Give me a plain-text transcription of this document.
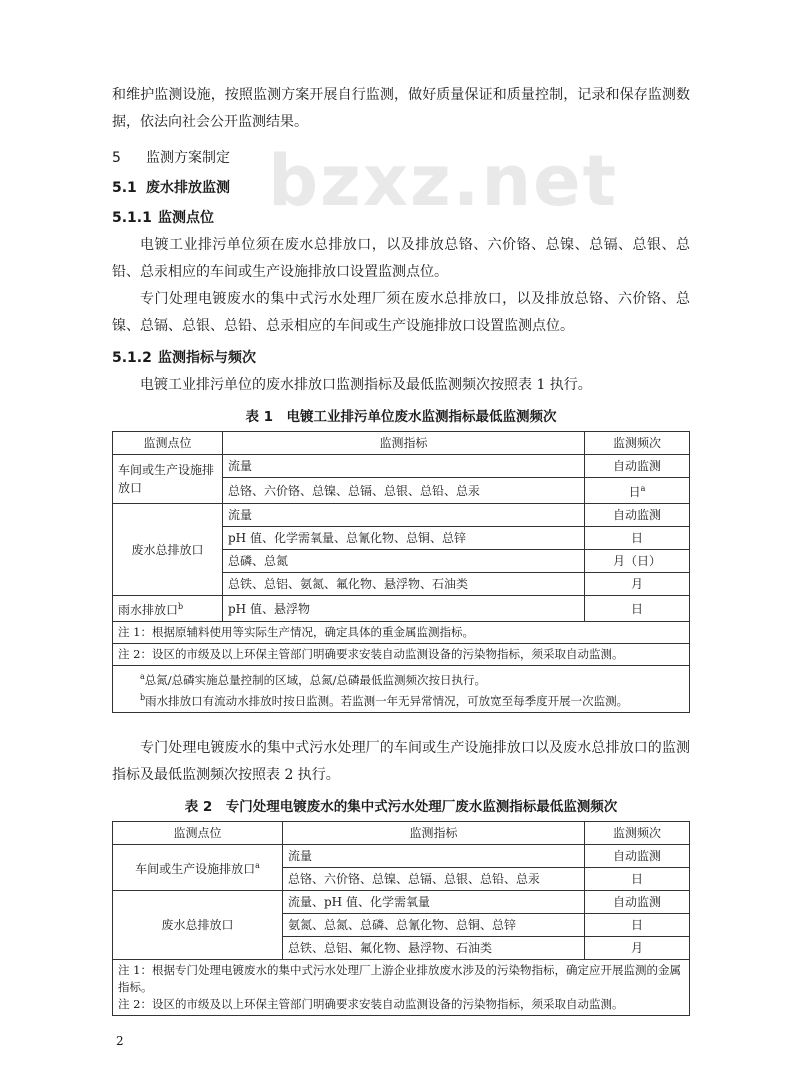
bzxz.net

和维护监测设施，按照监测方案开展自行监测，做好质量保证和质量控制，记录和保存监测数据，依法向社会公开监测结果。

5 监测方案制定
5.1 废水排放监测
5.1.1 监测点位

电镀工业排污单位须在废水总排放口，以及排放总铬、六价铬、总镍、总镉、总银、总铅、总汞相应的车间或生产设施排放口设置监测点位。

专门处理电镀废水的集中式污水处理厂须在废水总排放口，以及排放总铬、六价铬、总镍、总镉、总银、总铅、总汞相应的车间或生产设施排放口设置监测点位。

5.1.2 监测指标与频次

电镀工业排污单位的废水排放口监测指标及最低监测频次按照表 1 执行。

表 1　电镀工业排污单位废水监测指标最低监测频次
监测点位	监测指标	监测频次
车间或生产设施排放口	流量	自动监测
	总铬、六价铬、总镍、总镉、总银、总铅、总汞	日$^a$
废水总排放口	流量	自动监测
	pH 值、化学需氧量、总氰化物、总铜、总锌	日
	总磷、总氮	月（日）
	总铁、总铝、氨氮、氟化物、悬浮物、石油类	月
雨水排放口$^b$	pH 值、悬浮物	日
注 1：根据原辅料使用等实际生产情况，确定具体的重金属监测指标。		
注 2：设区的市级及以上环保主管部门明确要求安装自动监测设备的污染物指标，须采取自动监测。		

$^a$总氮/总磷实施总量控制的区域，总氮/总磷最低监测频次按日执行。
$^b$雨水排放口有流动水排放时按日监测。若监测一年无异常情况，可放宽至每季度开展一次监测。		

专门处理电镀废水的集中式污水处理厂的车间或生产设施排放口以及废水总排放口的监测指标及最低监测频次按照表 2 执行。

表 2　专门处理电镀废水的集中式污水处理厂废水监测指标最低监测频次
监测点位	监测指标	监测频次
车间或生产设施排放口$^a$	流量	自动监测
	总铬、六价铬、总镍、总镉、总银、总铅、总汞	日
废水总排放口	流量、pH 值、化学需氧量	自动监测
	氨氮、总氮、总磷、总氰化物、总铜、总锌	日
	总铁、总铝、氟化物、悬浮物、石油类	月

注 1：根据专门处理电镀废水的集中式污水处理厂上游企业排放废水涉及的污染物指标，确定应开展监测的金属指标。
注 2：设区的市级及以上环保主管部门明确要求安装自动监测设备的污染物指标，须采取自动监测。		
2
